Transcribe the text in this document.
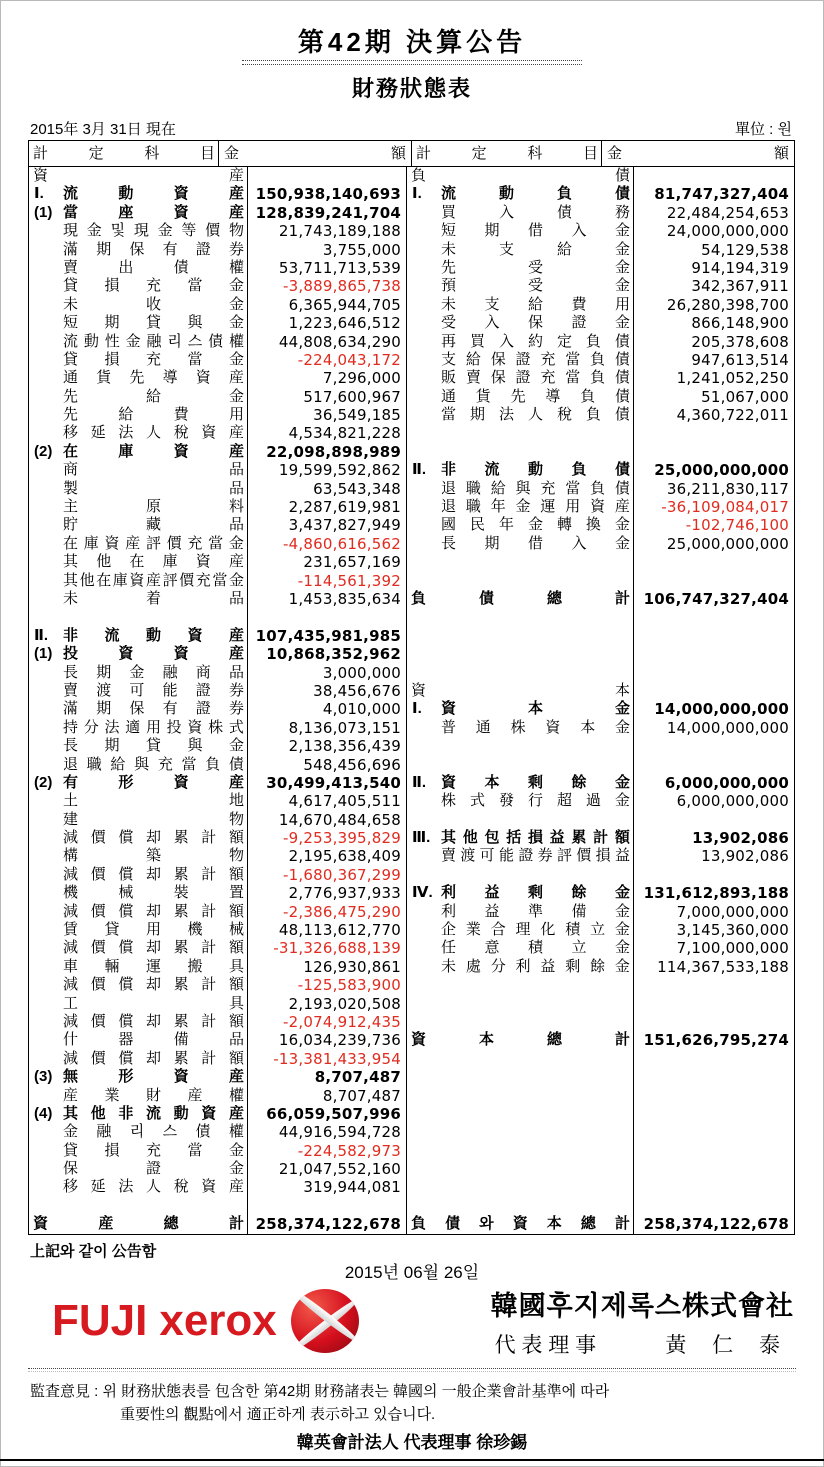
第42期 決算公告
財務狀態表
2015年 3月 31日 現在	單位 : 원
計	定	科	目 金	額 計	定	科	目 金	額
資	産
Ⅰ.	流	動	資	産 150,938,140,693
(1) 當	座	資	産 128,839,241,704
現 金 및 現 金 等 價 物	21,743,189,188
滿 期 保 有 證 券	3,755,000
賣	出	債	權	53,711,713,539
貸 損 充 當 金	-3,889,865,738
未	收	金	6,365,944,705
短 期 貸 與 金	1,223,646,512
流 動 性 金 融 리 스 債 權	44,808,634,290
貸 損 充 當 金	-224,043,172
通 貨 先 導 資 産	7,296,000
先	給	金	517,600,967
先	給	費	用	36,549,185
移 延 法 人 稅 資 産	4,534,821,228
(2) 在	庫	資	産	22,098,898,989
商	品	19,599,592,862
製	品	63,543,348
主	原	料	2,287,619,981
貯	藏	品	3,437,827,949
在 庫 資 産 評 價 充 當 金	-4,860,616,562
其 他 在 庫 資 産	231,657,169
其 他 在 庫 資 産 評 價 充 當 金	-114,561,392
未	着	品	1,453,835,634
Ⅱ. 非 流 動 資 産 107,435,981,985
(1) 投	資	資	産	10,868,352,962
長 期 金 融 商 品	3,000,000
賣 渡 可 能 證 券	38,456,676
滿 期 保 有 證 券	4,010,000
持 分 法 適 用 投 資 株 式	8,136,073,151
長 期 貸 與 金	2,138,356,439
退 職 給 與 充 當 負 債	548,456,696
(2) 有	形	資	産	30,499,413,540
土	地	4,617,405,511
建	物	14,670,484,658
減 價 償 却 累 計 額	-9,253,395,829
構	築	物	2,195,638,409
減 價 償 却 累 計 額	-1,680,367,299
機	械	裝	置	2,776,937,933
減 價 償 却 累 計 額	-2,386,475,290
賃 貸 用 機 械	48,113,612,770
減 價 償 却 累 計 額	-31,326,688,139
車 輛 運 搬 具	126,930,861
減 價 償 却 累 計 額	-125,583,900
工	具	2,193,020,508
減 價 償 却 累 計 額	-2,074,912,435
什	器	備	品	16,034,239,736
減 價 償 却 累 計 額	-13,381,433,954
(3) 無	形	資	産	8,707,487
産 業 財 産 權	8,707,487
(4) 其 他 非 流 動 資 産	66,059,507,996
金 融 리 스 債 權	44,916,594,728
貸 損 充 當 金	-224,582,973
保	證	金	21,047,552,160
移 延 法 人 稅 資 産	319,944,081
資	産	總	計 258,374,122,678
負	債
Ⅰ.	流	動	負	債	81,747,327,404
買	入	債	務	22,484,254,653
短 期 借 入 金	24,000,000,000
未	支	給	金	54,129,538
先	受	金	914,194,319
預	受	金	342,367,911
未 支 給 費 用	26,280,398,700
受 入 保 證 金	866,148,900
再 買 入 約 定 負 債	205,378,608
支 給 保 證 充 當 負 債	947,613,514
販 賣 保 證 充 當 負 債	1,241,052,250
通 貨 先 導 負 債	51,067,000
當 期 法 人 稅 負 債	4,360,722,011
Ⅱ. 非 流 動 負 債	25,000,000,000
退 職 給 與 充 當 負 債	36,211,830,117
退 職 年 金 運 用 資 産	-36,109,084,017
國 民 年 金 轉 換 金	-102,746,100
長 期 借 入 金	25,000,000,000
負	債	總	計 106,747,327,404
資	本
Ⅰ.	資	本	金	14,000,000,000
普 通 株 資 本 金	14,000,000,000
Ⅱ. 資 本 剩 餘 金	6,000,000,000
株 式 發 行 超 過 金	6,000,000,000
Ⅲ. 其 他 包 括 損 益 累 計 額	13,902,086
賣 渡 可 能 證 券 評 價 損 益	13,902,086
Ⅳ. 利 益 剩 餘 金 131,612,893,188
利 益 準 備 金	7,000,000,000
企 業 合 理 化 積 立 金	3,145,360,000
任 意 積 立 金	7,100,000,000
未 處 分 利 益 剩 餘 金	114,367,533,188
資	本	總	計 151,626,795,274
負 債 와 資 本 總 計 258,374,122,678
上記와 같이 公告함
2015년 06월 26일
FUJI xerox	韓國후지제록스株式會社
代 表 理 事	黃 仁 泰
監査意見 : 위 財務狀態表를 包含한 第42期 財務諸表는 韓國의 一般企業會計基準에 따라
重要性의 觀點에서 適正하게 表示하고 있습니다.
韓英會計法人 代表理事 徐珍錫
